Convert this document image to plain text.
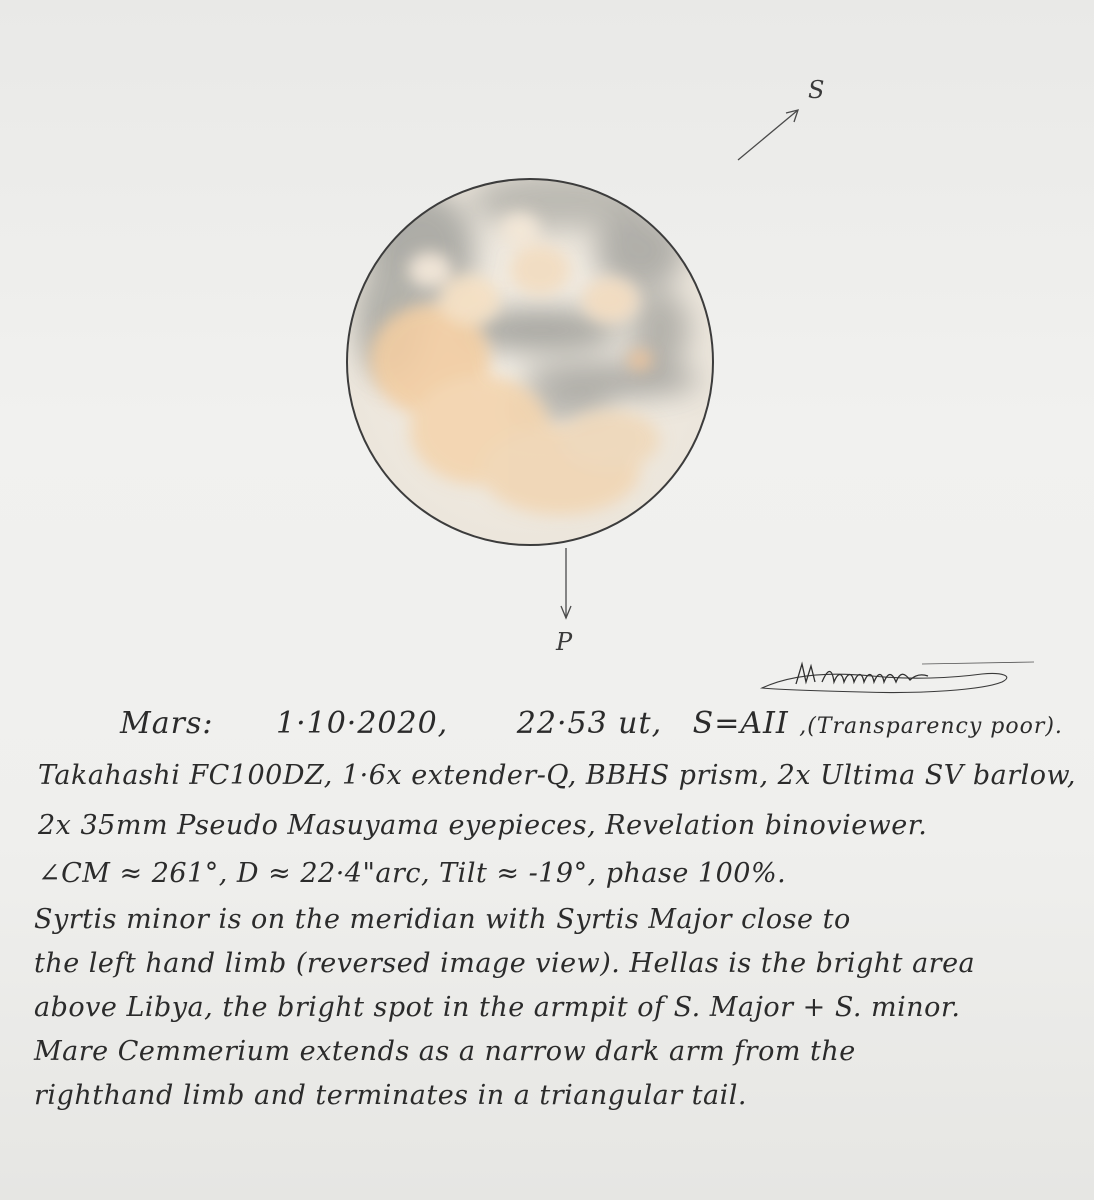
S
P
Mars: 1·10·2020, 22·53 ut, S=AII ,(Transparency poor).
Takahashi FC100DZ, 1·6x extender-Q, BBHS prism, 2x Ultima SV barlow,
2x 35mm Pseudo Masuyama eyepieces, Revelation binoviewer.
∠CM ≈ 261°, D ≈ 22·4"arc, Tilt ≈ -19°, phase 100%.
Syrtis minor is on the meridian with Syrtis Major close to
the left hand limb (reversed image view). Hellas is the bright area
above Libya, the bright spot in the armpit of S. Major + S. minor.
Mare Cemmerium extends as a narrow dark arm from the
righthand limb and terminates in a triangular tail.
